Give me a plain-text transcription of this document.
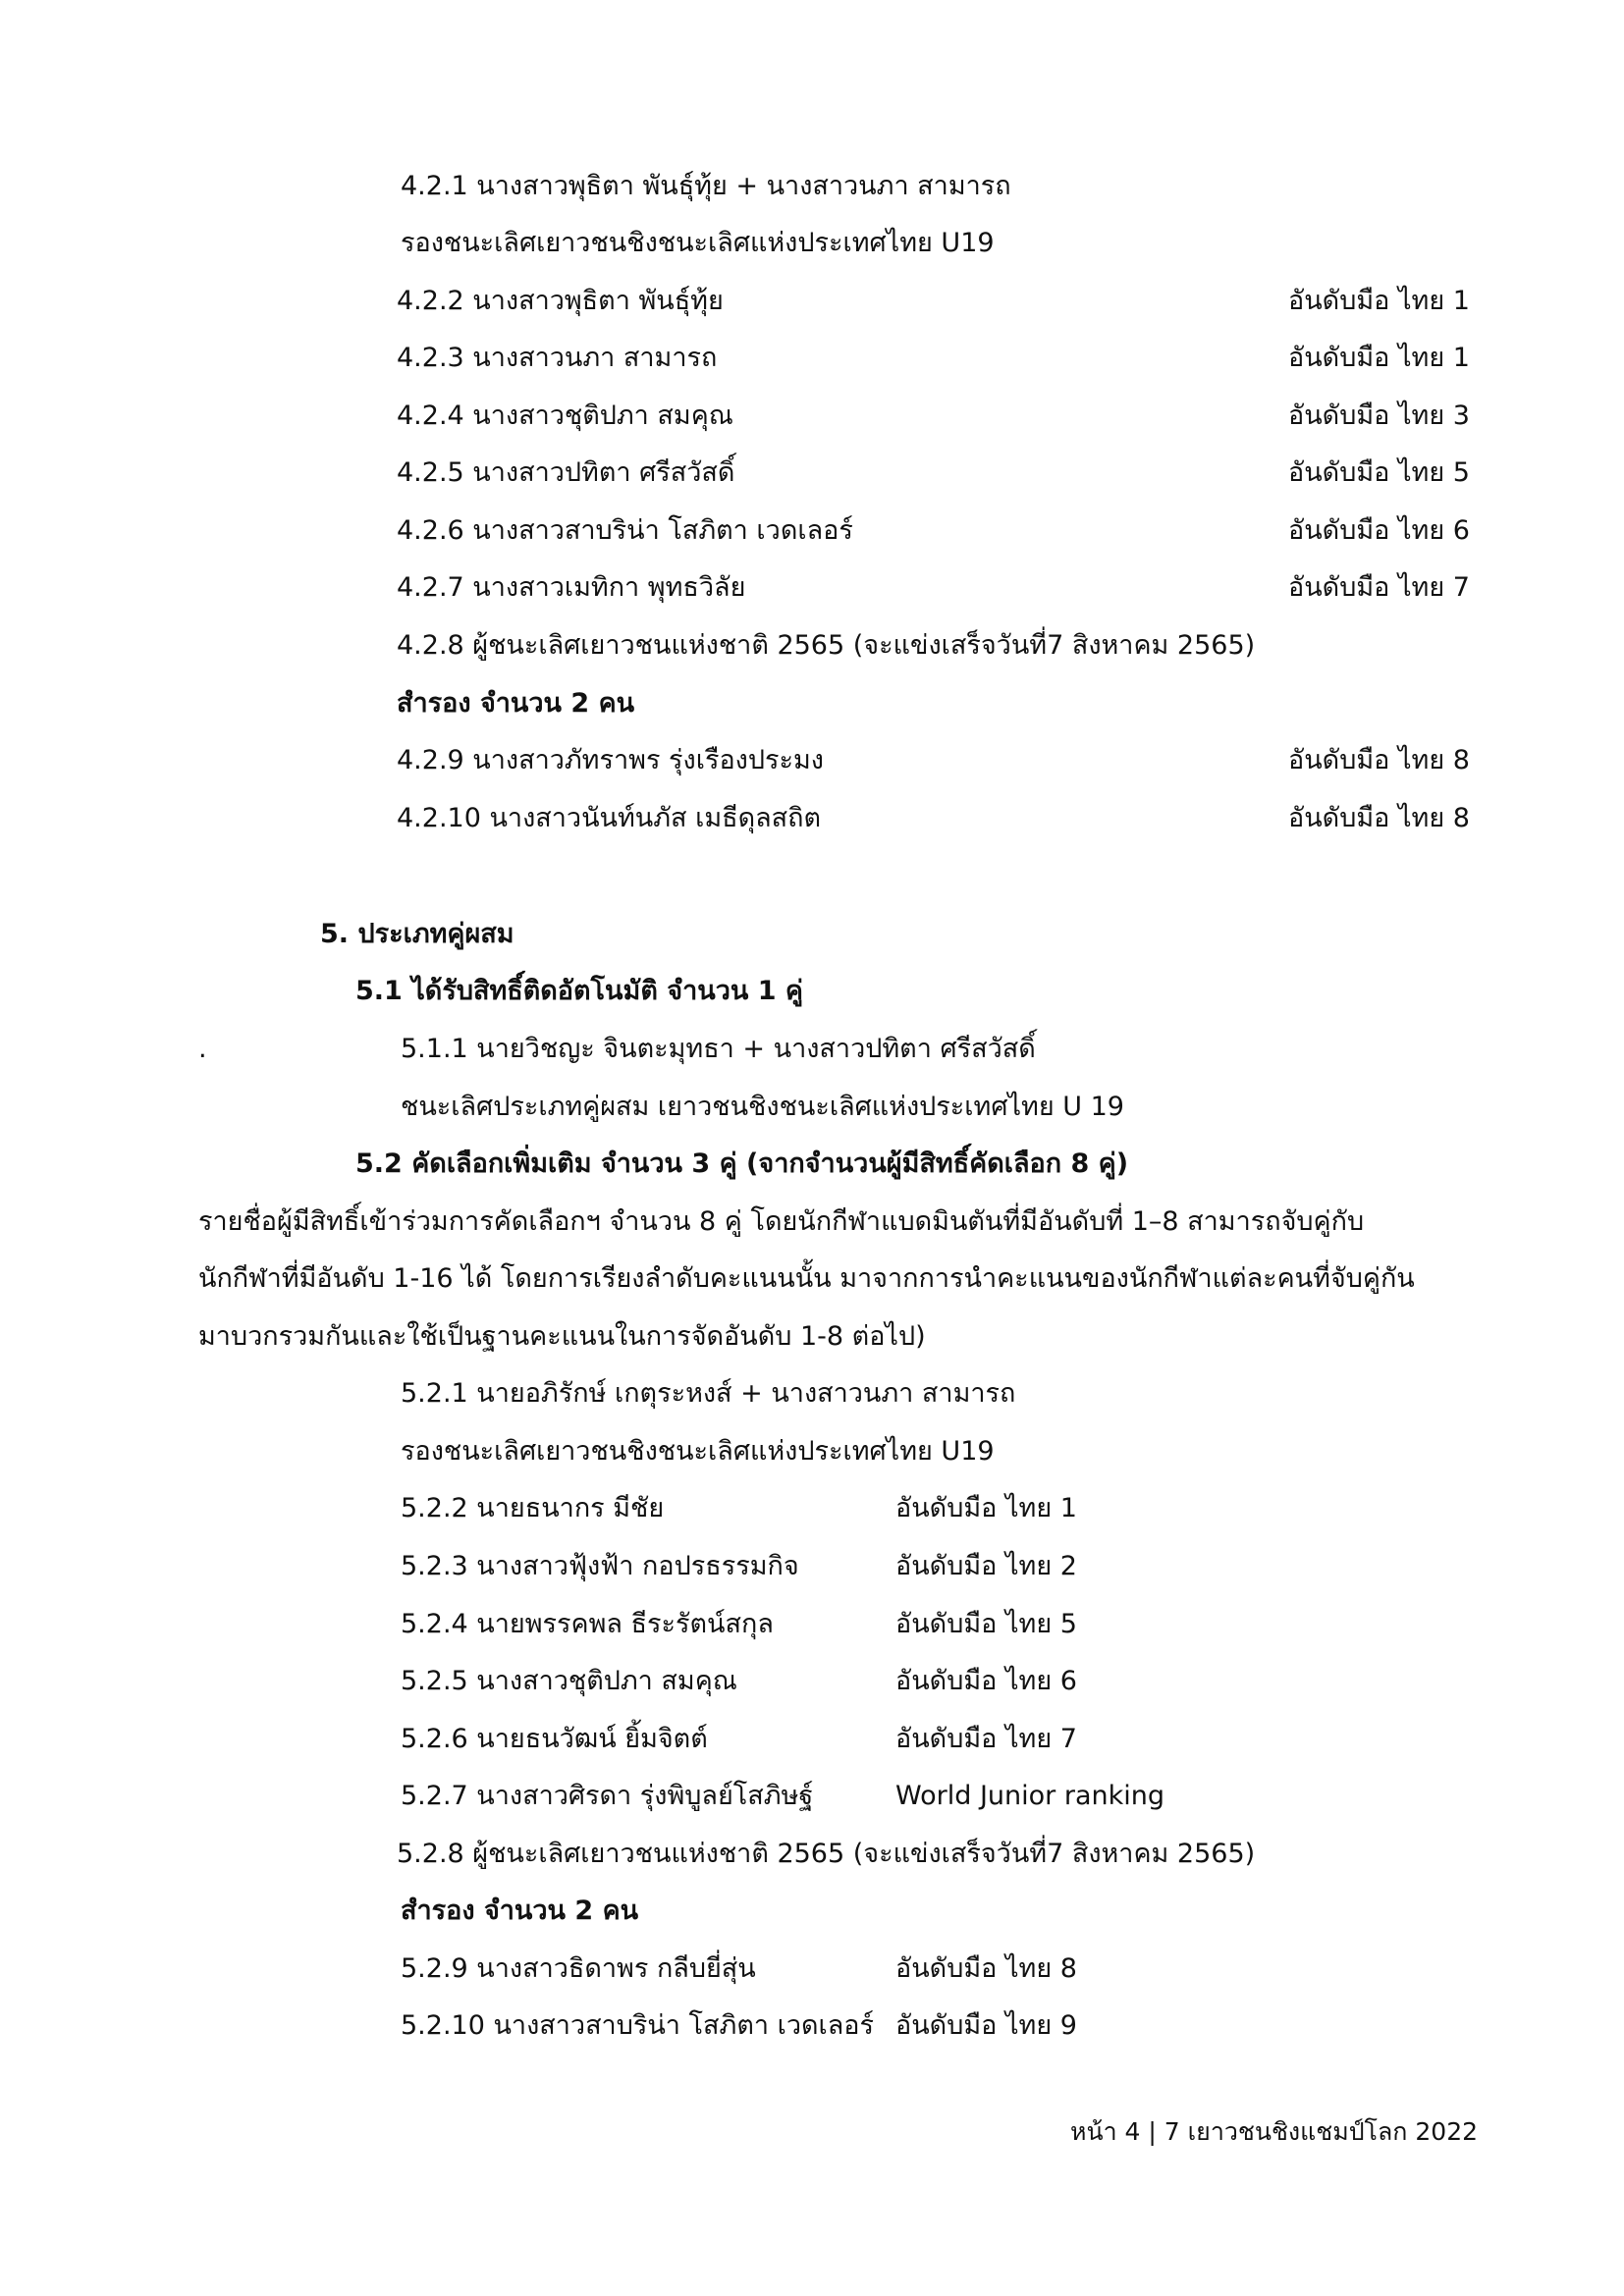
4.2.1 นางสาวพุธิตา พันธุ์ทุ้ย + นางสาวนภา สามารถ
รองชนะเลิศเยาวชนชิงชนะเลิศแห่งประเทศไทย U19
4.2.2 นางสาวพุธิตา พันธุ์ทุ้ย	อันดับมือ ไทย 1
4.2.3 นางสาวนภา สามารถ	อันดับมือ ไทย 1
4.2.4 นางสาวชุติปภา สมคุณ	อันดับมือ ไทย 3
4.2.5 นางสาวปทิตา ศรีสวัสดิ์	อันดับมือ ไทย 5
4.2.6 นางสาวสาบริน่า โสภิตา เวดเลอร์	อันดับมือ ไทย 6
4.2.7 นางสาวเมทิกา พุทธวิลัย	อันดับมือ ไทย 7
4.2.8 ผู้ชนะเลิศเยาวชนแห่งชาติ 2565 (จะแข่งเสร็จวันที่7 สิงหาคม 2565)
สำรอง จำนวน 2 คน
4.2.9 นางสาวภัทราพร รุ่งเรืองประมง	อันดับมือ ไทย 8
4.2.10 นางสาวนันท์นภัส เมธีดุลสถิต	อันดับมือ ไทย 8
5. ประเภทคู่ผสม
5.1 ได้รับสิทธิ์ติดอัตโนมัติ จำนวน 1 คู่
.	5.1.1 นายวิชญะ จินตะมุทธา + นางสาวปทิตา ศรีสวัสดิ์
ชนะเลิศประเภทคู่ผสม เยาวชนชิงชนะเลิศแห่งประเทศไทย U 19
5.2 คัดเลือกเพิ่มเติม จำนวน 3 คู่ (จากจำนวนผู้มีสิทธิ์คัดเลือก 8 คู่)
รายชื่อผู้มีสิทธิ์เข้าร่วมการคัดเลือกฯ จำนวน 8 คู่ โดยนักกีฬาแบดมินตันที่มีอันดับที่ 1–8 สามารถจับคู่กับ
นักกีฬาที่มีอันดับ 1-16 ได้ โดยการเรียงลำดับคะแนนนั้น มาจากการนำคะแนนของนักกีฬาแต่ละคนที่จับคู่กัน
มาบวกรวมกันและใช้เป็นฐานคะแนนในการจัดอันดับ 1-8 ต่อไป)
5.2.1 นายอภิรักษ์ เกตุระหงส์ + นางสาวนภา สามารถ
รองชนะเลิศเยาวชนชิงชนะเลิศแห่งประเทศไทย U19
5.2.2 นายธนากร มีชัย	อันดับมือ ไทย 1
5.2.3 นางสาวฟุ้งฟ้า กอปรธรรมกิจ	อันดับมือ ไทย 2
5.2.4 นายพรรคพล ธีระรัตน์สกุล	อันดับมือ ไทย 5
5.2.5 นางสาวชุติปภา สมคุณ	อันดับมือ ไทย 6
5.2.6 นายธนวัฒน์ ยิ้มจิตต์	อันดับมือ ไทย 7
5.2.7 นางสาวศิรดา รุ่งพิบูลย์โสภิษฐ์	World Junior ranking
5.2.8 ผู้ชนะเลิศเยาวชนแห่งชาติ 2565 (จะแข่งเสร็จวันที่7 สิงหาคม 2565)
สำรอง จำนวน 2 คน
5.2.9 นางสาวธิดาพร กลีบยี่สุ่น	อันดับมือ ไทย 8
5.2.10 นางสาวสาบริน่า โสภิตา เวดเลอร์ อันดับมือ ไทย 9
หน้า 4 | 7 เยาวชนชิงแชมป์โลก 2022
